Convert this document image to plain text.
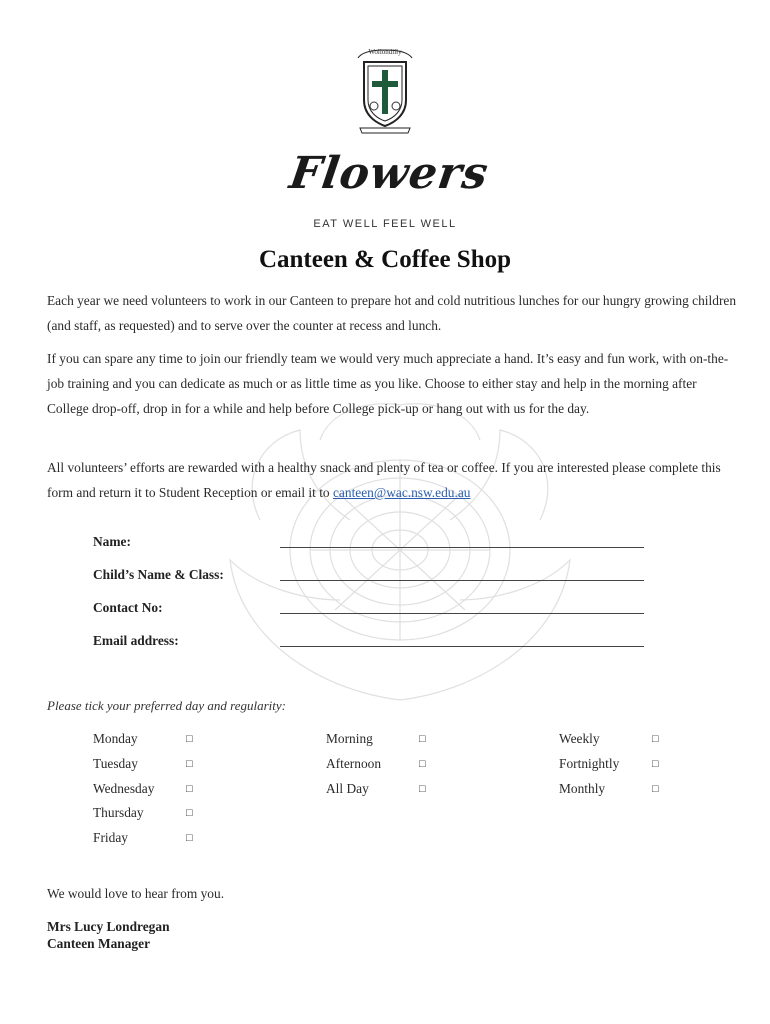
Wollondilly
Flowers
EAT WELL FEEL WELL
Canteen & Coffee Shop
Each year we need volunteers to work in our Canteen to prepare hot and cold nutritious lunches for our hungry growing children (and staff, as requested) and to serve over the counter at recess and lunch.
If you can spare any time to join our friendly team we would very much appreciate a hand. It’s easy and fun work, with on-the-job training and you can dedicate as much or as little time as you like. Choose to either stay and help in the morning after College drop-off, drop in for a while and help before College pick-up or hang out with us for the day.
All volunteers’ efforts are rewarded with a healthy snack and plenty of tea or coffee. If you are interested please complete this form and return it to Student Reception or email it to canteen@wac.nsw.edu.au
Name:
Child’s Name & Class:
Contact No:
Email address:
Please tick your preferred day and regularity:
Monday	□
Tuesday	□
Wednesday	□
Thursday	□
Friday	□
Morning	□
Afternoon	□
All Day	□
Weekly	□
Fortnightly	□
Monthly	□
We would love to hear from you.
Mrs Lucy Londregan
Canteen Manager
